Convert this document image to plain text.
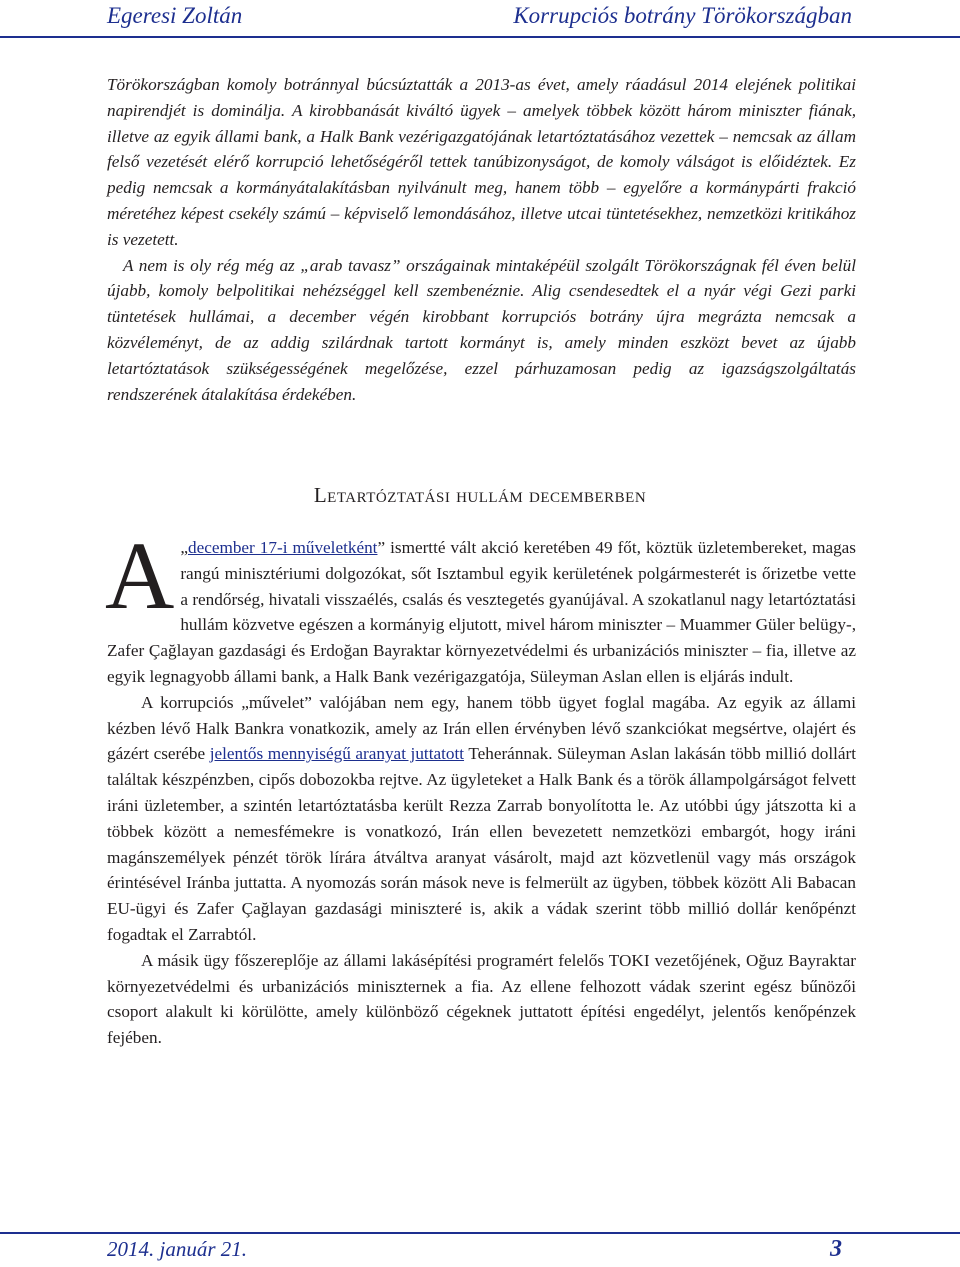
Egeresi Zoltán	Korrupciós botrány Törökországban

Törökországban komoly botránnyal búcsúztatták a 2013-as évet, amely ráadásul 2014 elejének politikai napirendjét is dominálja. A kirobbanását kiváltó ügyek – amelyek többek között három miniszter fiának, illetve az egyik állami bank, a Halk Bank vezérigazgatójának letartóztatásához vezettek – nemcsak az állam felső vezetését elérő korrupció lehetőségéről tettek tanúbizonyságot, de komoly válságot is előidéztek. Ez pedig nemcsak a kormányátalakításban nyilvánult meg, hanem több – egyelőre a kormánypárti frakció méretéhez képest csekély számú – képviselő lemondásához, illetve utcai tüntetésekhez, nemzetközi kritikához is vezetett.

A nem is oly rég még az „arab tavasz” országainak mintaképéül szolgált Törökországnak fél éven belül újabb, komoly belpolitikai nehézséggel kell szembenéznie. Alig csendesedtek el a nyár végi Gezi parki tüntetések hullámai, a december végén kirobbant korrupciós botrány újra megrázta nemcsak a közvéleményt, de az addig szilárdnak tartott kormányt is, amely minden eszközt bevet az újabb letartóztatások szükségességének megelőzése, ezzel párhuzamosan pedig az igazságszolgáltatás rendszerének átalakítása érdekében.

Letartóztatási hullám decemberben

A „december 17-i műveletként” ismertté vált akció keretében 49 főt, köztük üzletembereket, magas rangú minisztériumi dolgozókat, sőt Isztambul egyik kerületének polgármesterét is őrizetbe vette a rendőrség, hivatali visszaélés, csalás és vesztegetés gyanújával. A szokatlanul nagy letartóztatási hullám közvetve egészen a kormányig eljutott, mivel három miniszter – Muammer Güler belügy-, Zafer Çağlayan gazdasági és Erdoğan Bayraktar környezetvédelmi és urbanizációs miniszter – fia, illetve az egyik legnagyobb állami bank, a Halk Bank vezérigazgatója, Süleyman Aslan ellen is eljárás indult.

A korrupciós „művelet” valójában nem egy, hanem több ügyet foglal magába. Az egyik az állami kézben lévő Halk Bankra vonatkozik, amely az Irán ellen érvényben lévő szankciókat megsértve, olajért és gázért cserébe jelentős mennyiségű aranyat juttatott Teheránnak. Süleyman Aslan lakásán több millió dollárt találtak készpénzben, cipős dobozokba rejtve. Az ügyleteket a Halk Bank és a török állampolgárságot felvett iráni üzletember, a szintén letartóztatásba került Rezza Zarrab bonyolította le. Az utóbbi úgy játszotta ki a többek között a nemesfémekre is vonatkozó, Irán ellen bevezetett nemzetközi embargót, hogy iráni magánszemélyek pénzét török lírára átváltva aranyat vásárolt, majd azt közvetlenül vagy más országok érintésével Iránba juttatta. A nyomozás során mások neve is felmerült az ügyben, többek között Ali Babacan EU-ügyi és Zafer Çağlayan gazdasági miniszteré is, akik a vádak szerint több millió dollár kenőpénzt fogadtak el Zarrabtól.

A másik ügy főszereplője az állami lakásépítési programért felelős TOKI vezetőjének, Oğuz Bayraktar környezetvédelmi és urbanizációs miniszternek a fia. Az ellene felhozott vádak szerint egész bűnözői csoport alakult ki körülötte, amely különböző cégeknek juttatott építési engedélyt, jelentős kenőpénzek fejében.

2014. január 21.	3
